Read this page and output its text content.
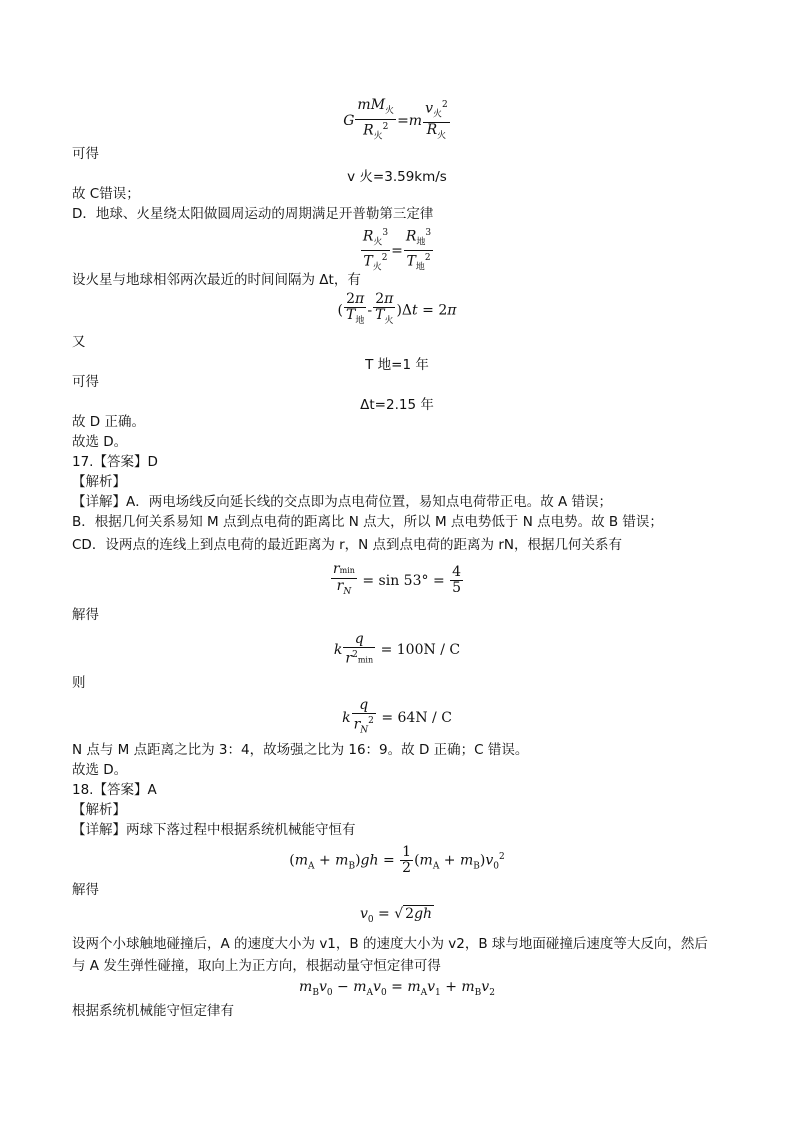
G $\frac{mM_火}{R_火^2} =m \frac{v_火^2}{R_火}$
可得
v 火=3.59km/s
故 C错误；
D．地球、火星绕太阳做圆周运动的周期满足开普勒第三定律
$\frac{R_火^3}{T_火^2} = \frac{R_地^3}{T_地^2}$
设火星与地球相邻两次最近的时间间隔为 Δt，有
( $\frac{2\pi}{T_地} - \frac{2\pi}{T_火} )\Delta t = 2\pi$
又
T 地=1 年
可得
Δt=2.15 年
故 D 正确。
故选 D。
17.【答案】D
【解析】
【详解】A．两电场线反向延长线的交点即为点电荷位置，易知点电荷带正电。故 A 错误；
B．根据几何关系易知 M 点到点电荷的距离比 N 点大，所以 M 点电势低于 N 点电势。故 B 错误；
CD．设两点的连线上到点电荷的最近距离为 r，N 点到点电荷的距离为 rN，根据几何关系有
$\frac{rmin}{r_N} = \sin 53^\circ = \frac{4}{5}$
解得
k $\frac{q}{r^2\min} = 100N / C$
则
k $\frac{q}{r_N^2} = 64N / C$
N 点与 M 点距离之比为 3：4，故场强之比为 16：9。故 D 正确；C 错误。
故选 D。
18.【答案】A
【解析】
【详解】两球下落过程中根据系统机械能守恒有
$(m_A + m_B)gh = \frac{1}{2} (m_A + m_B)v_0^2$
解得
$v_0$ = √ 2gh
设两个小球触地碰撞后，A 的速度大小为 v1，B 的速度大小为 v2，B 球与地面碰撞后速度等大反向，然后
与 A 发生弹性碰撞，取向上为正方向，根据动量守恒定律可得
$m_Bv_0 - m_Av_0 = m_Av_1 + m_Bv_2$
根据系统机械能守恒定律有
